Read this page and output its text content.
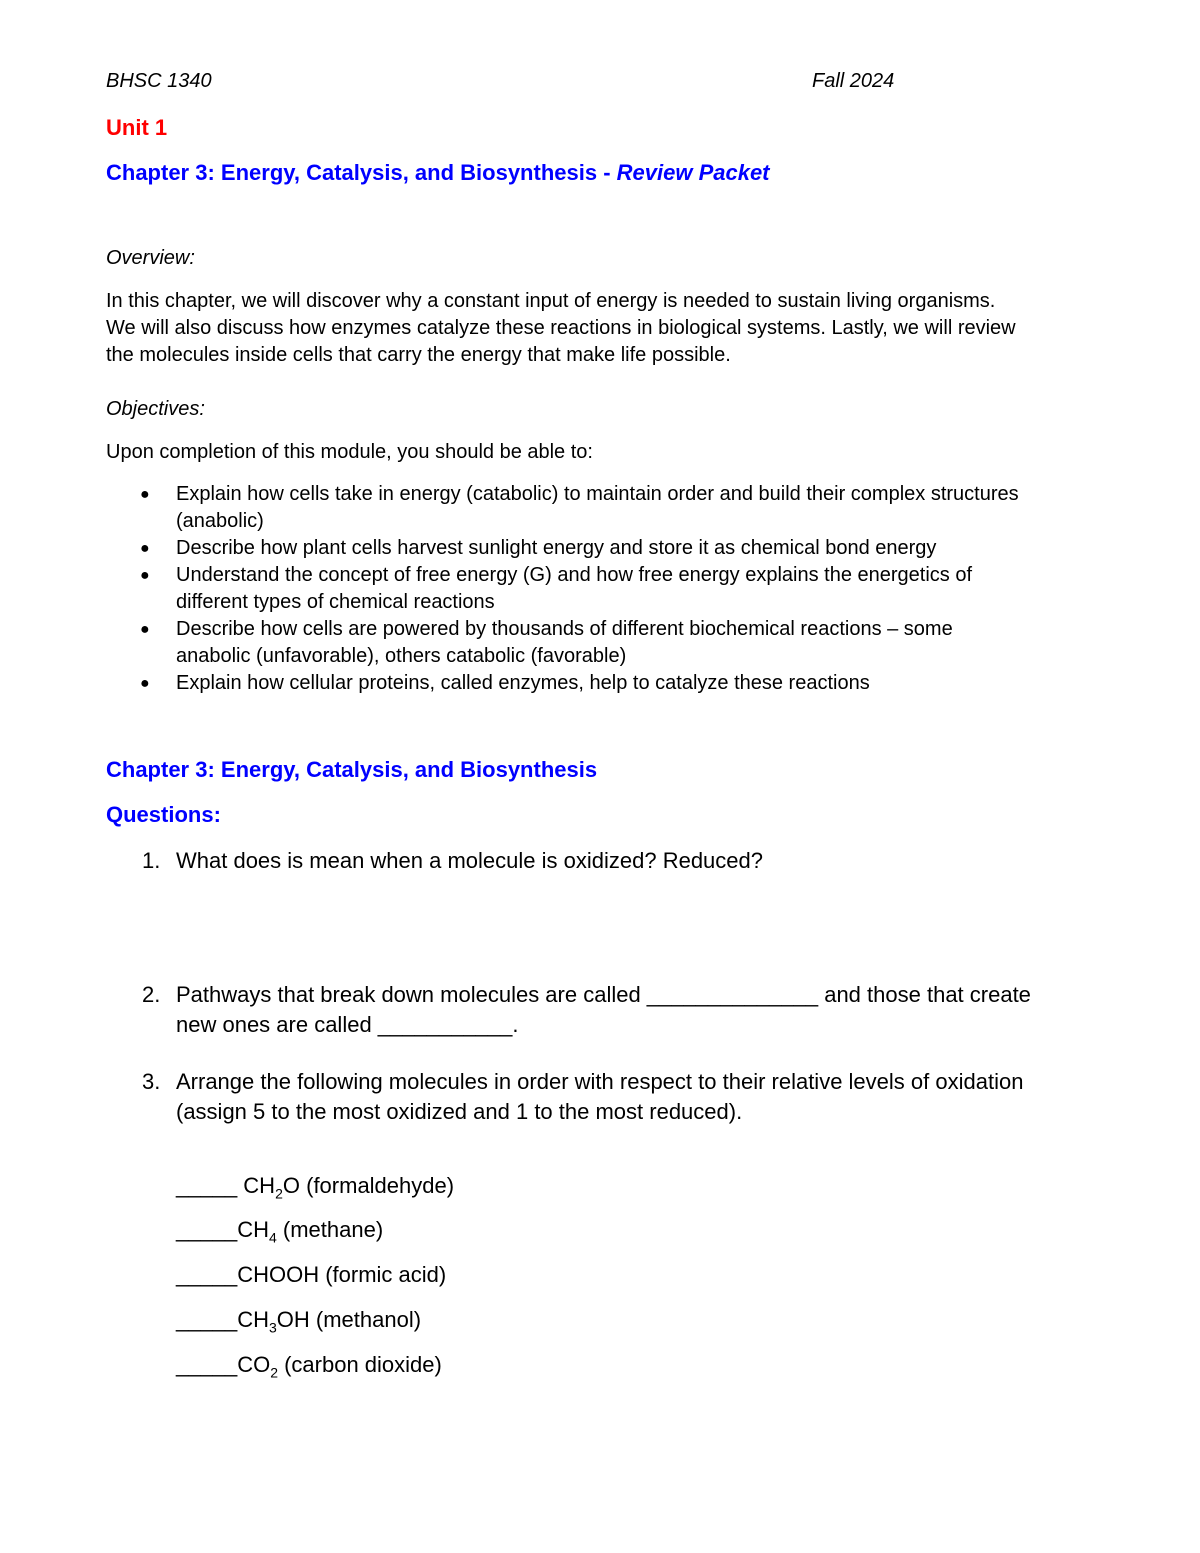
BHSC 1340	Fall 2024
Unit 1
Chapter 3: Energy, Catalysis, and Biosynthesis - Review Packet
Overview:
In this chapter, we will discover why a constant input of energy is needed to sustain living organisms.
We will also discuss how enzymes catalyze these reactions in biological systems. Lastly, we will review
the molecules inside cells that carry the energy that make life possible.
Objectives:
Upon completion of this module, you should be able to:
● Explain how cells take in energy (catabolic) to maintain order and build their complex structures
(anabolic)
● Describe how plant cells harvest sunlight energy and store it as chemical bond energy
● Understand the concept of free energy (G) and how free energy explains the energetics of
different types of chemical reactions
● Describe how cells are powered by thousands of different biochemical reactions – some
anabolic (unfavorable), others catabolic (favorable)
● Explain how cellular proteins, called enzymes, help to catalyze these reactions
Chapter 3: Energy, Catalysis, and Biosynthesis
Questions:
1. What does is mean when a molecule is oxidized? Reduced?
2. Pathways that break down molecules are called ______________ and those that create
new ones are called ___________.
3. Arrange the following molecules in order with respect to their relative levels of oxidation
(assign 5 to the most oxidized and 1 to the most reduced).
_____ $CH_2O$ (formaldehyde)
$\_\_\_\_\_CH_4$ (methane)
_____CHOOH (formic acid)
$\_\_\_\_\_CH_3OH$ (methanol)
$\_\_\_\_\_CO_2$ (carbon dioxide)
